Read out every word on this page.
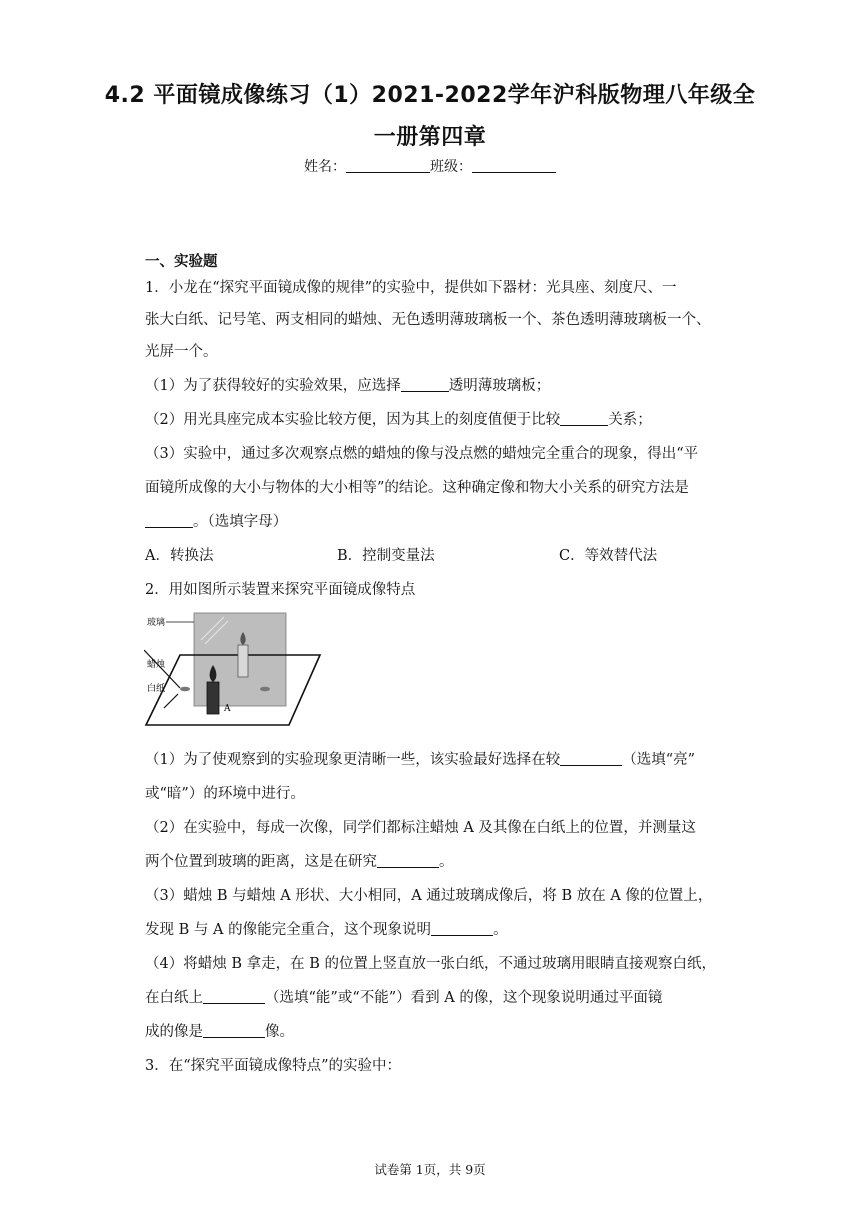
4.2 平面镜成像练习（1）2021-2022学年沪科版物理八年级全
一册第四章
姓名：	班级：
一、实验题
1．小龙在“探究平面镜成像的规律”的实验中，提供如下器材：光具座、刻度尺、一
张大白纸、记号笔、两支相同的蜡烛、无色透明薄玻璃板一个、茶色透明薄玻璃板一个、
光屏一个。
（1）为了获得较好的实验效果，应选择	透明薄玻璃板；
（2）用光具座完成本实验比较方便，因为其上的刻度值便于比较	关系；
（3）实验中，通过多次观察点燃的蜡烛的像与没点燃的蜡烛完全重合的现象，得出“平
面镜所成像的大小与物体的大小相等”的结论。这种确定像和物大小关系的研究方法是
。（选填字母）
A．转换法	B．控制变量法	C．等效替代法
2．用如图所示装置来探究平面镜成像特点
玻璃
蜡烛
白纸
A
（1）为了使观察到的实验现象更清晰一些，该实验最好选择在较	（选填“亮”
或“暗”）的环境中进行。
（2）在实验中，每成一次像，同学们都标注蜡烛 A 及其像在白纸上的位置，并测量这
两个位置到玻璃的距离，这是在研究	。
（3）蜡烛 B 与蜡烛 A 形状、大小相同，A 通过玻璃成像后，将 B 放在 A 像的位置上，
发现 B 与 A 的像能完全重合，这个现象说明	。
（4）将蜡烛 B 拿走，在 B 的位置上竖直放一张白纸，不通过玻璃用眼睛直接观察白纸，
在白纸上	（选填“能”或“不能”）看到 A 的像，这个现象说明通过平面镜
成的像是	像。
3．在“探究平面镜成像特点”的实验中：
试卷第 1页，共 9页
